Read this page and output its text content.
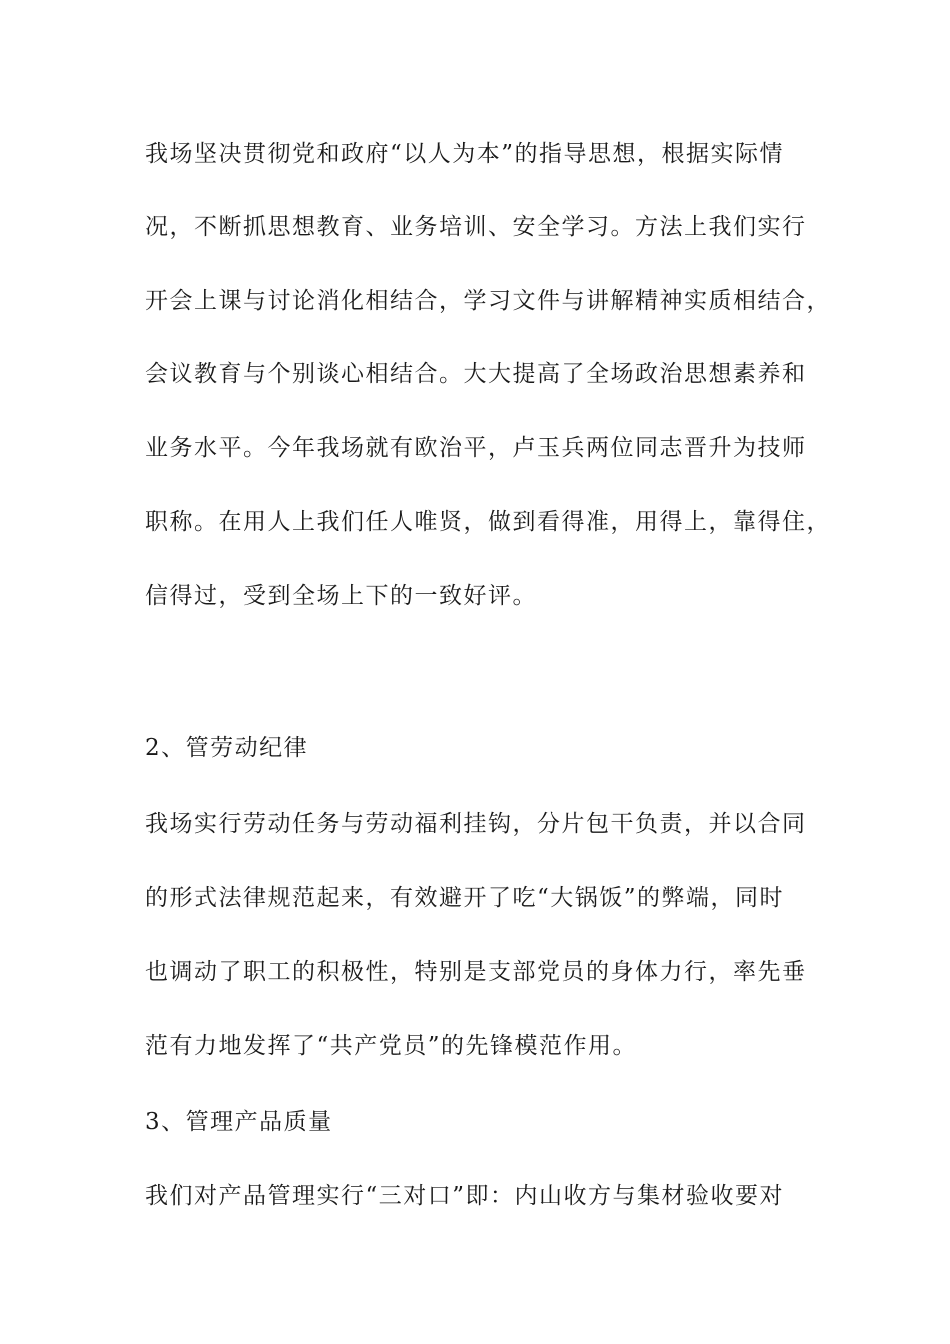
我场坚决贯彻党和政府“以人为本”的指导思想，根据实际情
况，不断抓思想教育、业务培训、安全学习。方法上我们实行
开会上课与讨论消化相结合，学习文件与讲解精神实质相结合，
会议教育与个别谈心相结合。大大提高了全场政治思想素养和
业务水平。今年我场就有欧治平，卢玉兵两位同志晋升为技师
职称。在用人上我们任人唯贤，做到看得准，用得上，靠得住，
信得过，受到全场上下的一致好评。
2、管劳动纪律
我场实行劳动任务与劳动福利挂钩，分片包干负责，并以合同
的形式法律规范起来，有效避开了吃“大锅饭”的弊端，同时
也调动了职工的积极性，特别是支部党员的身体力行，率先垂
范有力地发挥了“共产党员”的先锋模范作用。
3、管理产品质量
我们对产品管理实行“三对口”即：内山收方与集材验收要对
